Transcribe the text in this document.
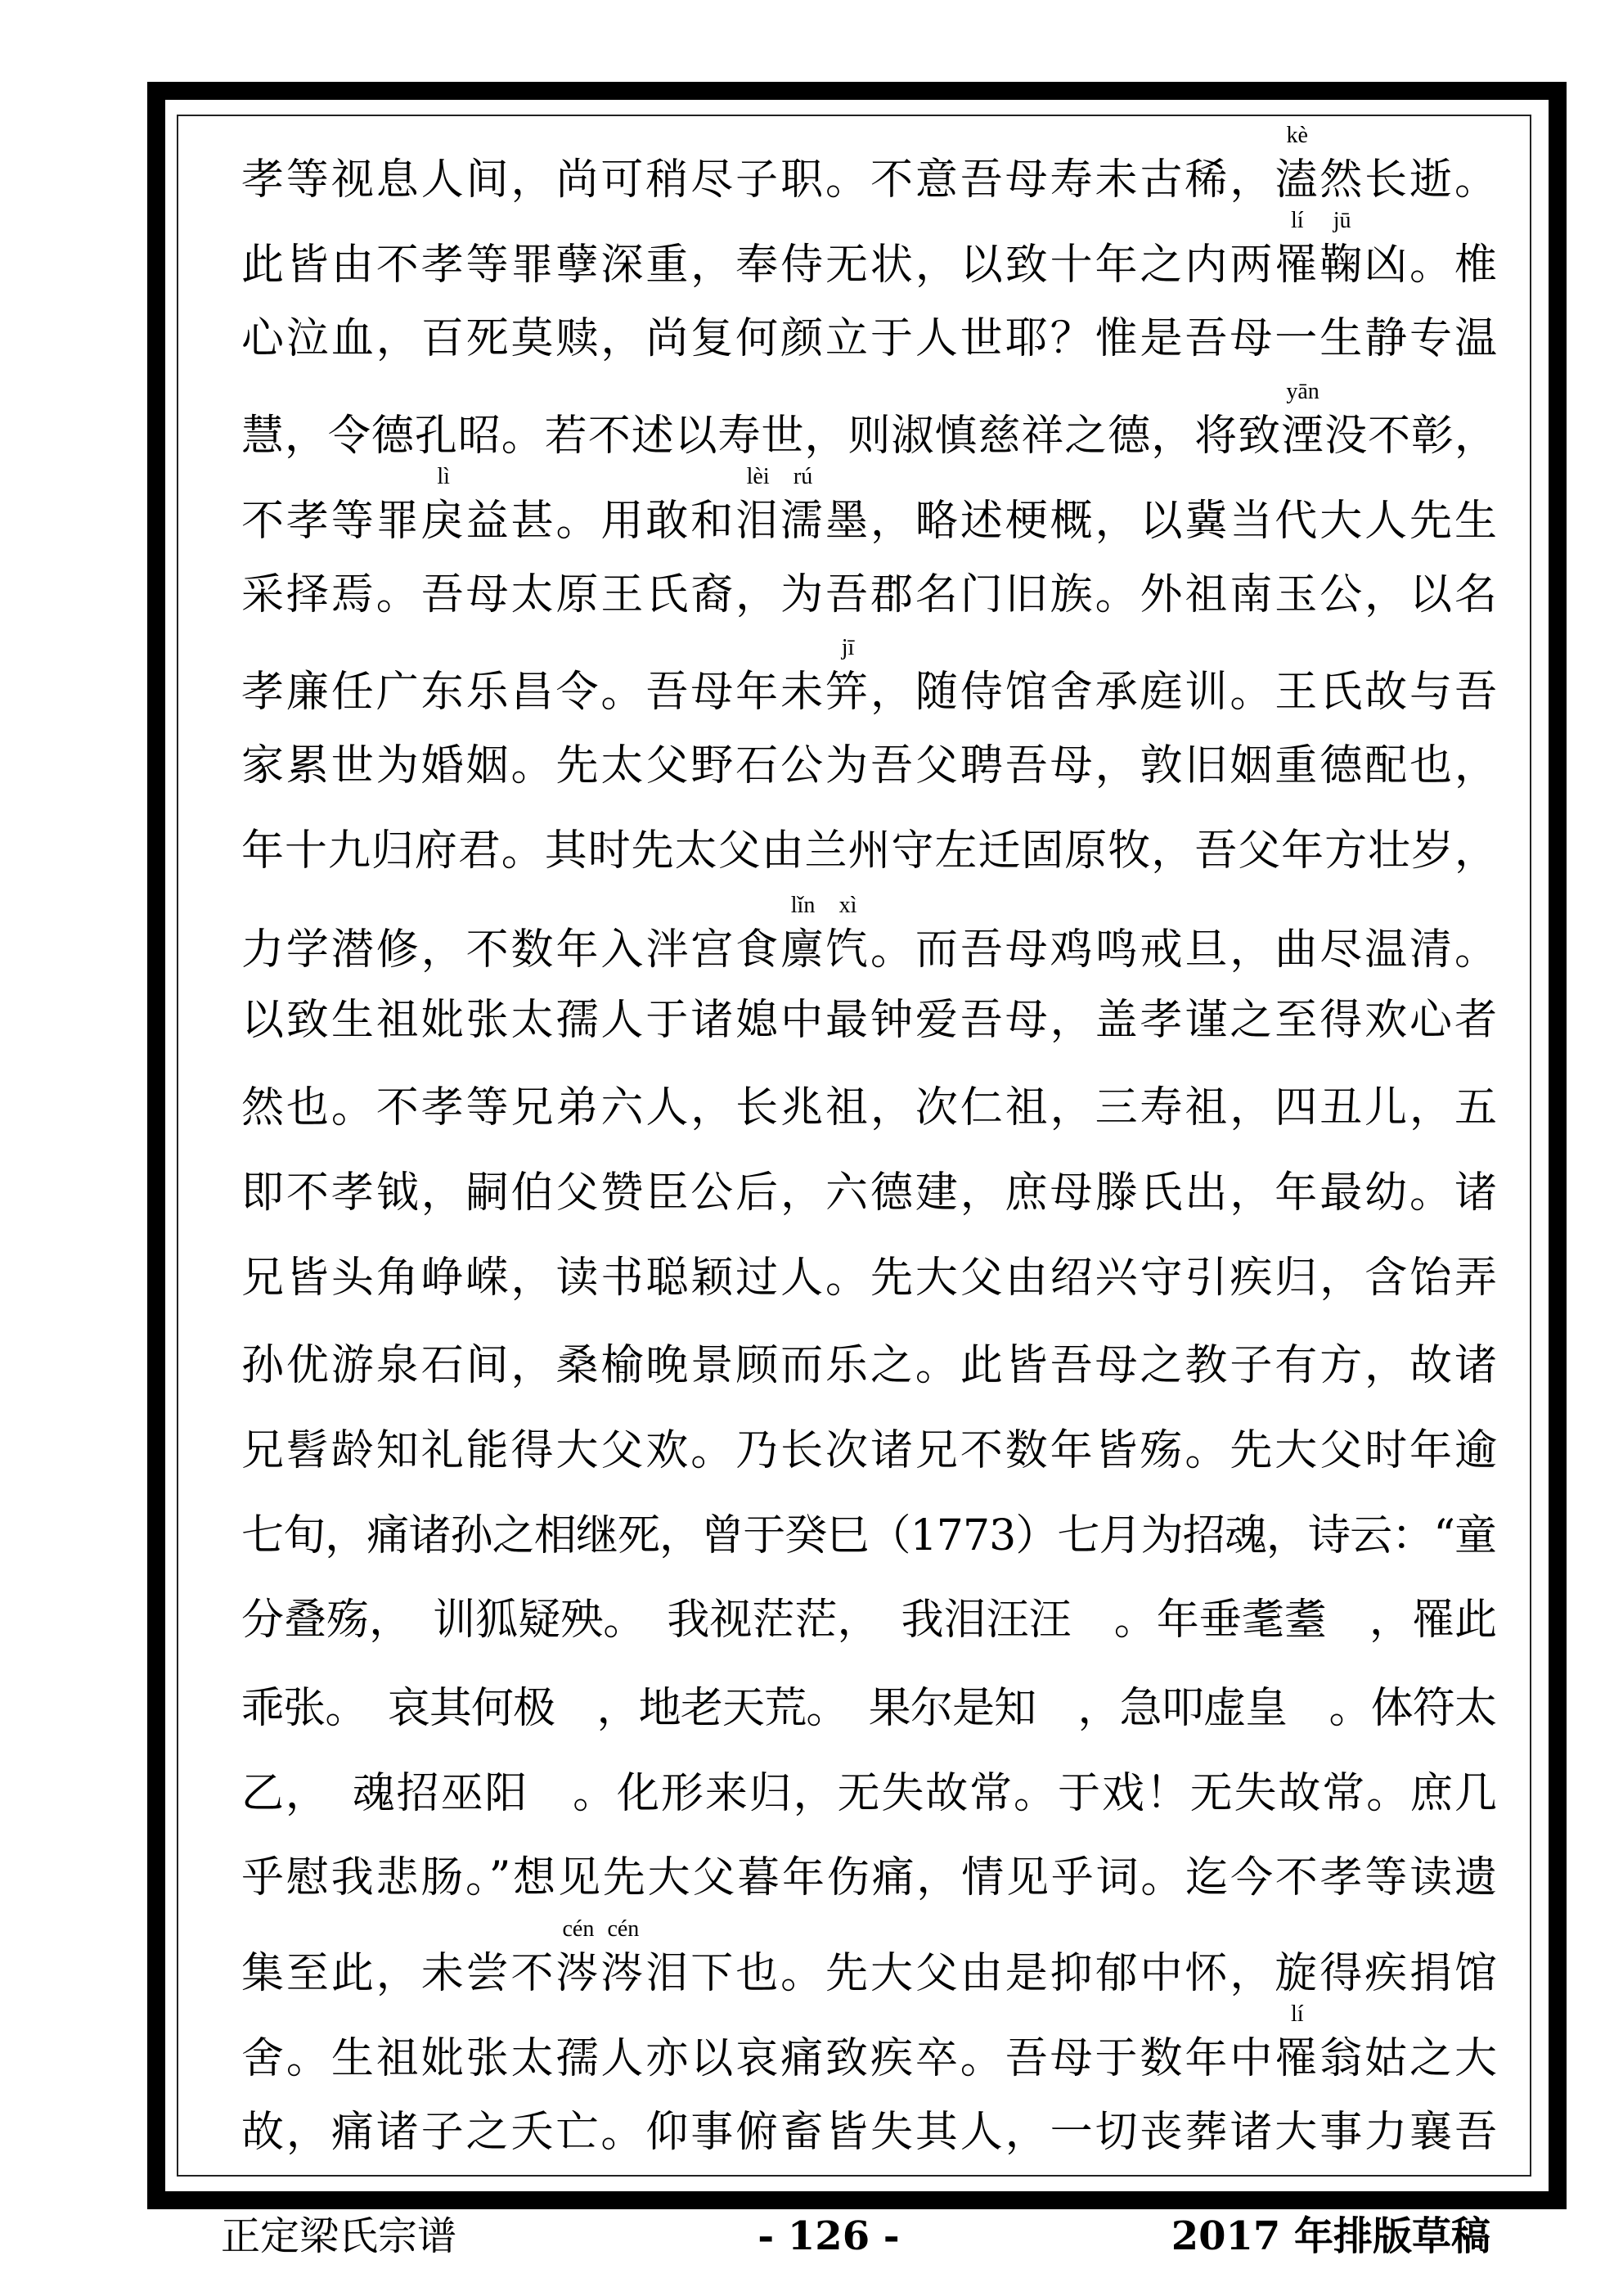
孝等视息人间，尚可稍尽子职。不意吾母寿未古稀，溘
kè
然长逝。
此皆由不孝等罪孽深重，奉侍无状，以致十年之内两罹
lí
鞠
jū
凶。椎
心泣血，百死莫赎，尚复何颜立于人世耶？惟是吾母一生静专温
慧，令德孔昭。若不述以寿世，则淑慎慈祥之德，将致湮
yān
没不彰，
不孝等罪戾
lì
益甚。用敢和泪
lèi
濡
rú
墨，略述梗概，以冀当代大人先生
采择焉。吾母太原王氏裔，为吾郡名门旧族。外祖南玉公，以名
孝廉任广东乐昌令。吾母年未笄
jī
，随侍馆舍承庭训。王氏故与吾
家累世为婚姻。先太父野石公为吾父聘吾母，敦旧姻重德配也，
年十九归府君。其时先太父由兰州守左迁固原牧，吾父年方壮岁，
力学潜修，不数年入泮宫食廪
lǐn
饩
xì
。而吾母鸡鸣戒旦，曲尽温清。
以致生祖妣张太孺人于诸媳中最钟爱吾母，盖孝谨之至得欢心者
然也。不孝等兄弟六人，长兆祖，次仁祖，三寿祖，四丑儿，五
即不孝钺，嗣伯父赞臣公后，六德建，庶母滕氏出，年最幼。诸
兄皆头角峥嵘，读书聪颖过人。先大父由绍兴守引疾归，含饴弄
孙优游泉石间，桑榆晚景顾而乐之。此皆吾母之教子有方，故诸
兄髫龄知礼能得大父欢。乃长次诸兄不数年皆殇。先大父时年逾
七旬，痛诸孙之相继死，曾于癸巳（1773）七月为招魂，诗云：“童
分叠殇，　训狐疑殃。　我视茫茫，　我泪汪汪　。年垂耄耋　，罹此
乖张。　哀其何极　，地老天荒。　果尔是知　，急叩虚皇　。体符太
乙，　魂招巫阳　。化形来归，无失故常。于戏！无失故常。庶几
乎慰我悲肠。”想见先大父暮年伤痛，情见乎词。迄今不孝等读遗
集至此，未尝不涔
cén
涔
cén
泪下也。先大父由是抑郁中怀，旋得疾捐馆
舍。生祖妣张太孺人亦以哀痛致疾卒。吾母于数年中罹
lí
翁姑之大
故，痛诸子之夭亡。仰事俯畜皆失其人，一切丧葬诸大事力襄吾
正定梁氏宗谱	- 126 -	2017 年排版草稿
